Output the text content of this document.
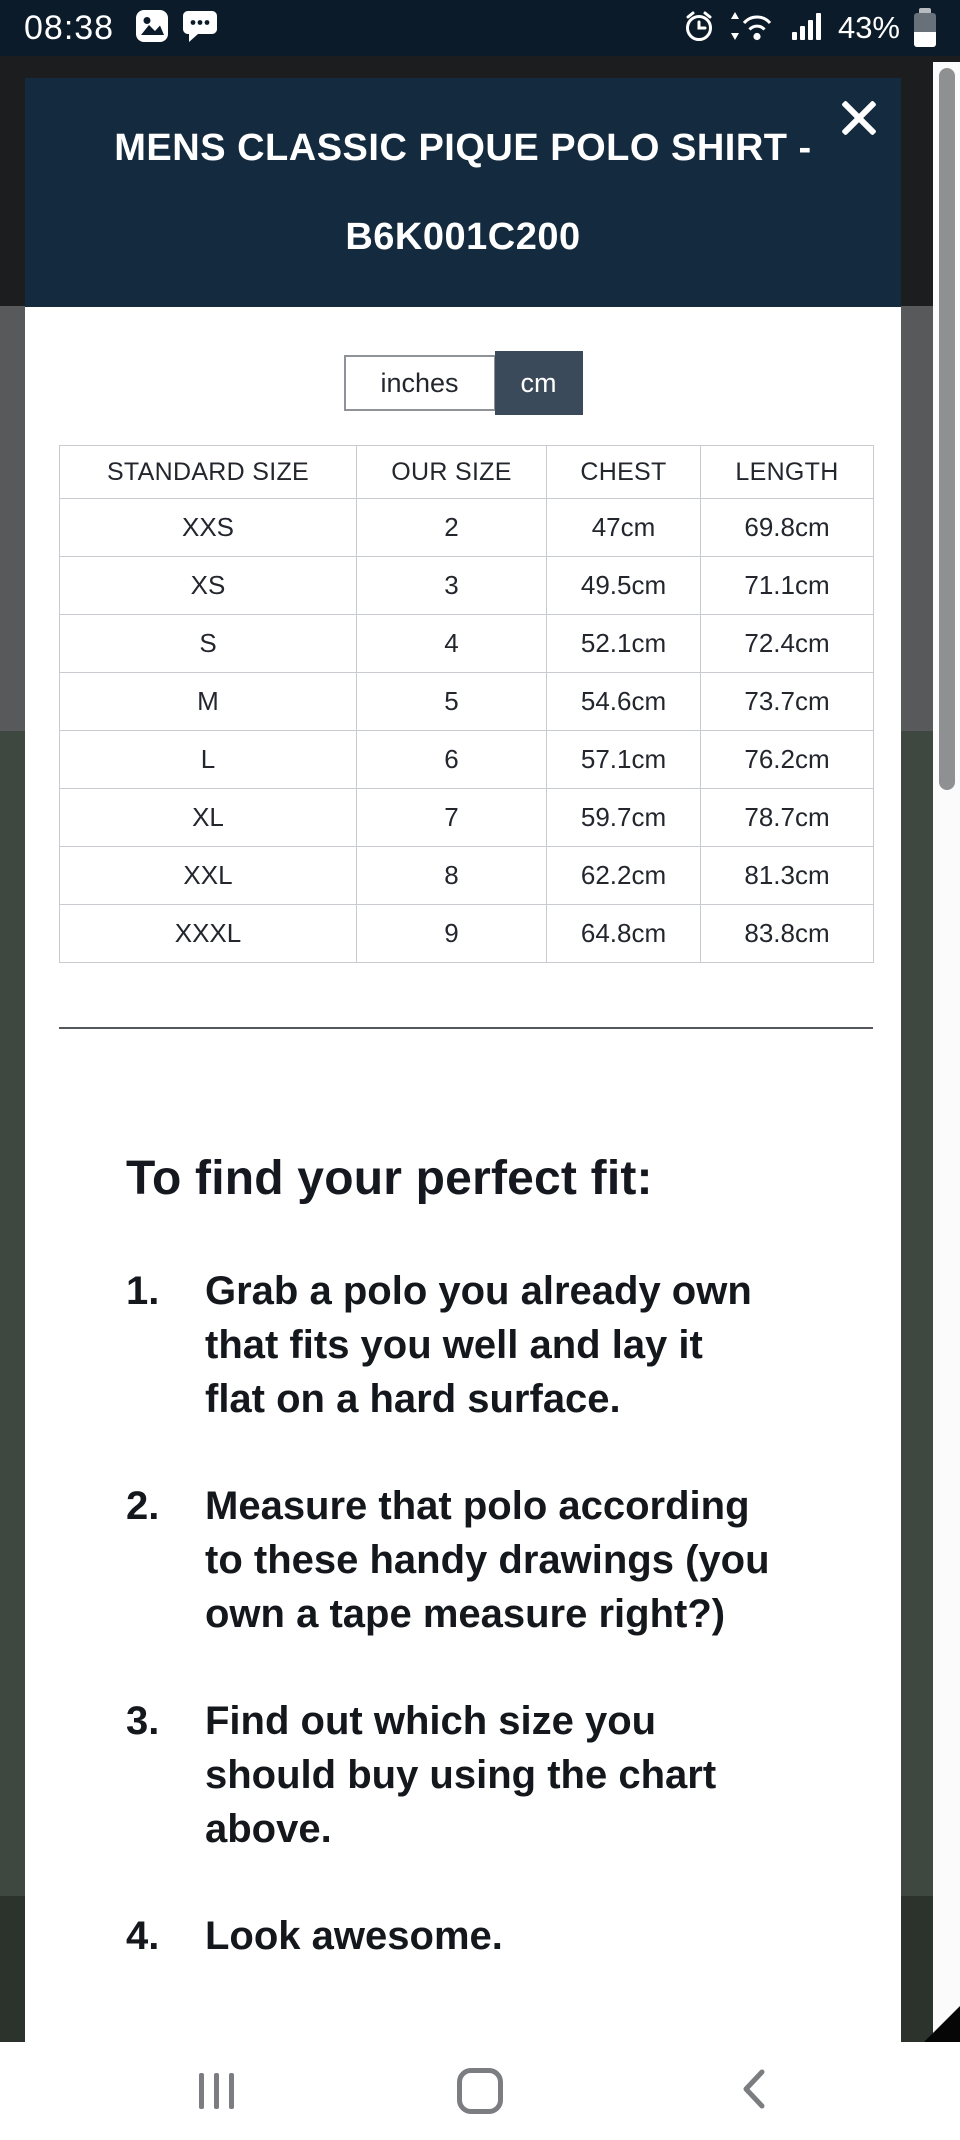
08:38	43%
MENS CLASSIC PIQUE POLO SHIRT -
B6K001C200
inches	cm
STANDARD SIZE	OUR SIZE	CHEST	LENGTH
XXS	2	47cm	69.8cm
XS	3	49.5cm	71.1cm
S	4	52.1cm	72.4cm
M	5	54.6cm	73.7cm
L	6	57.1cm	76.2cm
XL	7	59.7cm	78.7cm
XXL	8	62.2cm	81.3cm
XXXL	9	64.8cm	83.8cm
To find your perfect fit:
1.	Grab a polo you already own that fits you well and lay it flat on a hard surface.
2.	Measure that polo according to these handy drawings (you own a tape measure right?)
3.	Find out which size you should buy using the chart above.
4.	Look awesome.
